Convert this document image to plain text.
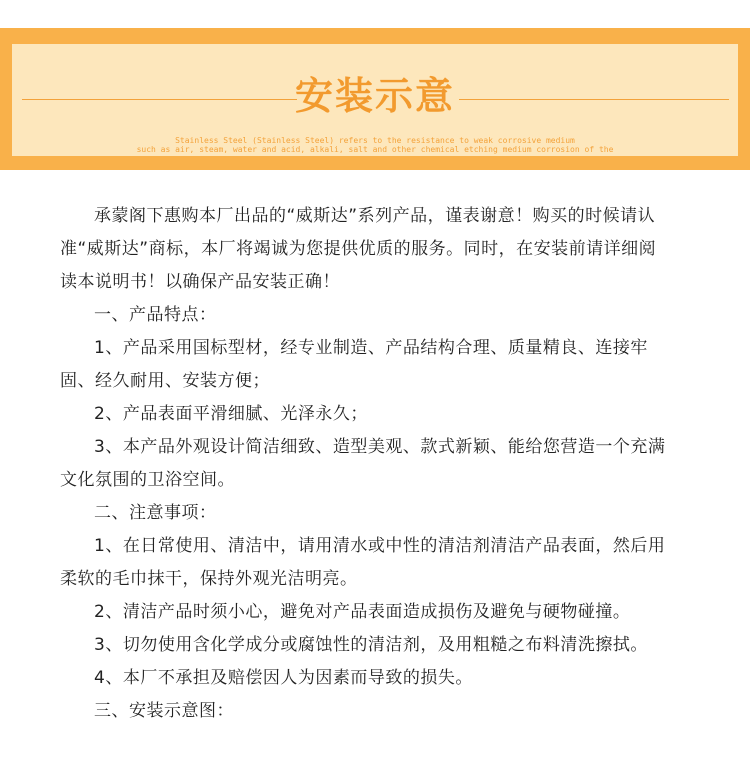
安装示意
Stainless Steel (Stainless Steel) refers to the resistance to weak corrosive medium
such as air, steam, water and acid, alkali, salt and other chemical etching medium corrosion of the

承蒙阁下惠购本厂出品的“威斯达”系列产品，谨表谢意！购买的时候请认准“威斯达”商标，本厂将竭诚为您提供优质的服务。同时，在安装前请详细阅读本说明书！以确保产品安装正确！

一、产品特点：

1、产品采用国标型材，经专业制造、产品结构合理、质量精良、连接牢固、经久耐用、安装方便；

2、产品表面平滑细腻、光泽永久；

3、本产品外观设计简洁细致、造型美观、款式新颖、能给您营造一个充满文化氛围的卫浴空间。

二、注意事项：

1、在日常使用、清洁中，请用清水或中性的清洁剂清洁产品表面，然后用柔软的毛巾抹干，保持外观光洁明亮。

2、清洁产品时须小心，避免对产品表面造成损伤及避免与硬物碰撞。

3、切勿使用含化学成分或腐蚀性的清洁剂，及用粗糙之布料清洗擦拭。

4、本厂不承担及赔偿因人为因素而导致的损失。

三、安装示意图：
